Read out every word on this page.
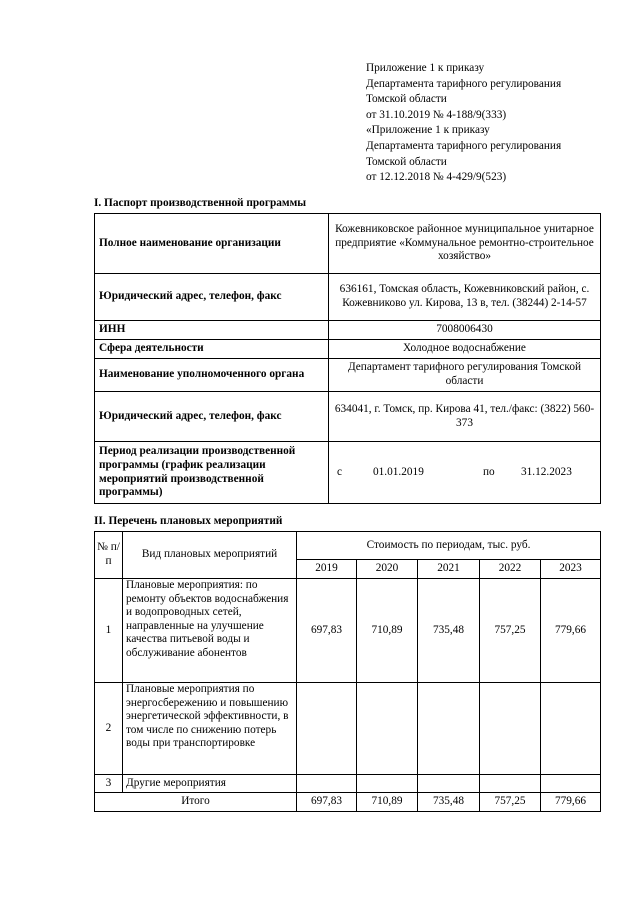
Приложение 1 к приказу
Департамента тарифного регулирования
Томской области
от 31.10.2019 № 4-188/9(333)
«Приложение 1 к приказу
Департамента тарифного регулирования
Томской области
от 12.12.2018 № 4-429/9(523)
I. Паспорт производственной программы
Полное наименование организации	Кожевниковское районное муниципальное унитарное предприятие «Коммунальное ремонтно-строительное хозяйство»
Юридический адрес, телефон, факс	636161, Томская область, Кожевниковский район, с. Кожевниково ул. Кирова, 13 в, тел. (38244) 2-14-57
ИНН	7008006430
Сфера деятельности	Холодное водоснабжение
Наименование уполномоченного органа	Департамент тарифного регулирования Томской области
Юридический адрес, телефон, факс	634041, г. Томск, пр. Кирова 41, тел./факс: (3822) 560-373
Период реализации производственной программы (график реализации мероприятий производственной программы)	с 01.01.2019 по 31.12.2023
II. Перечень плановых мероприятий
№ п/п	Вид плановых мероприятий	Стоимость по периодам, тыс. руб.				
		2019	2020	2021	2022	2023
1	Плановые мероприятия: по ремонту объектов водоснабжения и водопроводных сетей, направленные на улучшение качества питьевой воды и обслуживание абонентов	697,83	710,89	735,48	757,25	779,66
2	Плановые мероприятия по энергосбережению и повышению энергетической эффективности, в том числе по снижению потерь воды при транспортировке					
3	Другие мероприятия					
Итого		697,83	710,89	735,48	757,25	779,66
